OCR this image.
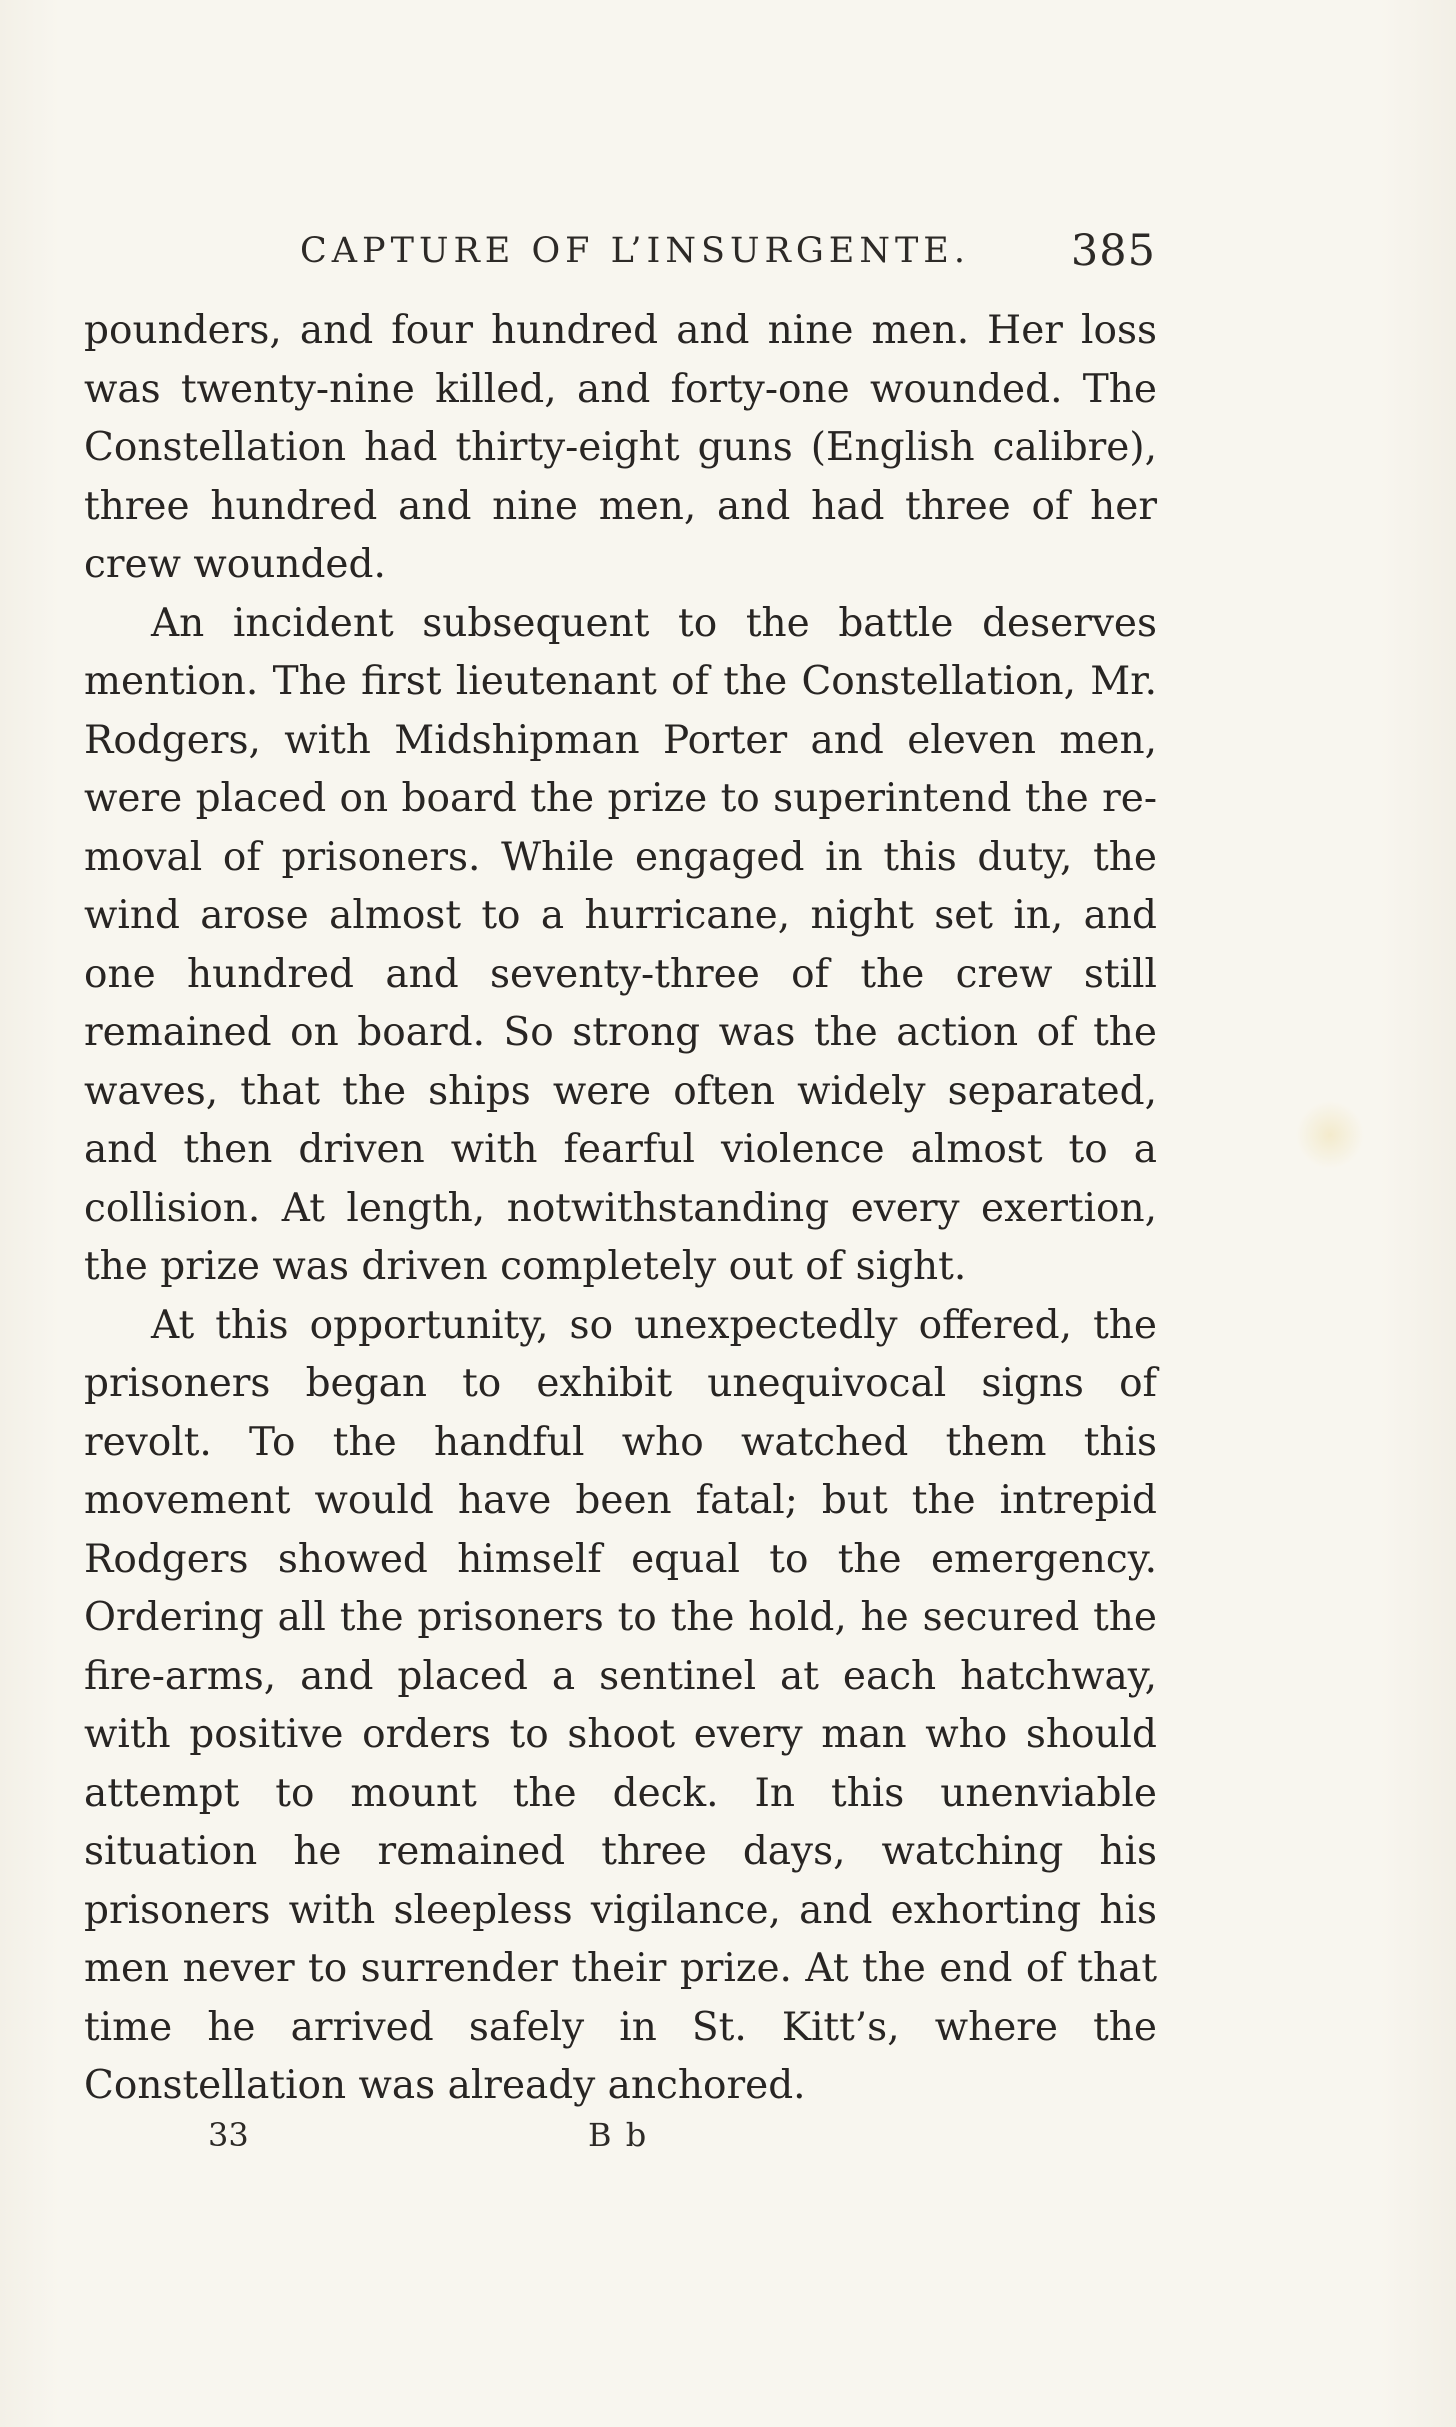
CAPTURE OF L’INSURGENTE. 385

pounders, and four hundred and nine men. Her loss was twenty-nine killed, and forty-one wounded. The Constellation had thirty-eight guns (English calibre), three hundred and nine men, and had three of her crew wounded.

An incident subsequent to the battle deserves mention. The first lieutenant of the Constellation, Mr. Rodgers, with Midshipman Porter and eleven men, were placed on board the prize to superintend the removal of prisoners. While engaged in this duty, the wind arose almost to a hurricane, night set in, and one hundred and seventy-three of the crew still remained on board. So strong was the action of the waves, that the ships were often widely separated, and then driven with fearful violence almost to a collision. At length, notwithstanding every exertion, the prize was driven completely out of sight.

At this opportunity, so unexpectedly offered, the prisoners began to exhibit unequivocal signs of revolt. To the handful who watched them this movement would have been fatal; but the intrepid Rodgers showed himself equal to the emergency. Ordering all the prisoners to the hold, he secured the fire-arms, and placed a sentinel at each hatchway, with positive orders to shoot every man who should attempt to mount the deck. In this unenviable situation he remained three days, watching his prisoners with sleepless vigilance, and exhorting his men never to surrender their prize. At the end of that time he arrived safely in St. Kitt’s, where the Constellation was already anchored.

33	B b
